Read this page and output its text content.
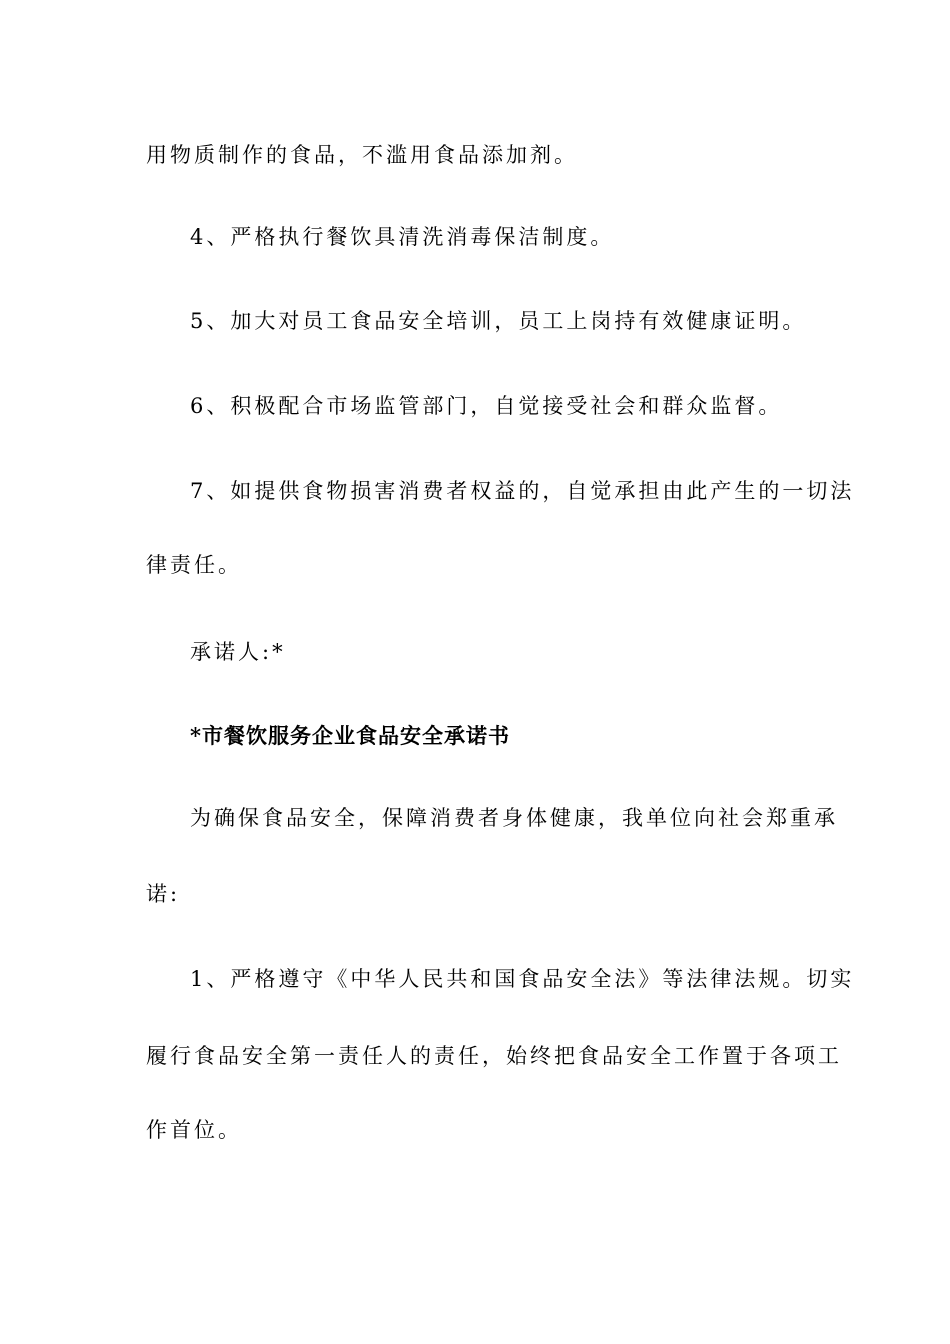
用物质制作的食品，不滥用食品添加剂。
4、严格执行餐饮具清洗消毒保洁制度。
5、加大对员工食品安全培训，员工上岗持有效健康证明。
6、积极配合市场监管部门，自觉接受社会和群众监督。
7、如提供食物损害消费者权益的，自觉承担由此产生的一切法
律责任。
承诺人:*
*市餐饮服务企业食品安全承诺书
为确保食品安全，保障消费者身体健康，我单位向社会郑重承
诺:
1、严格遵守《中华人民共和国食品安全法》等法律法规。切实
履行食品安全第一责任人的责任，始终把食品安全工作置于各项工
作首位。
